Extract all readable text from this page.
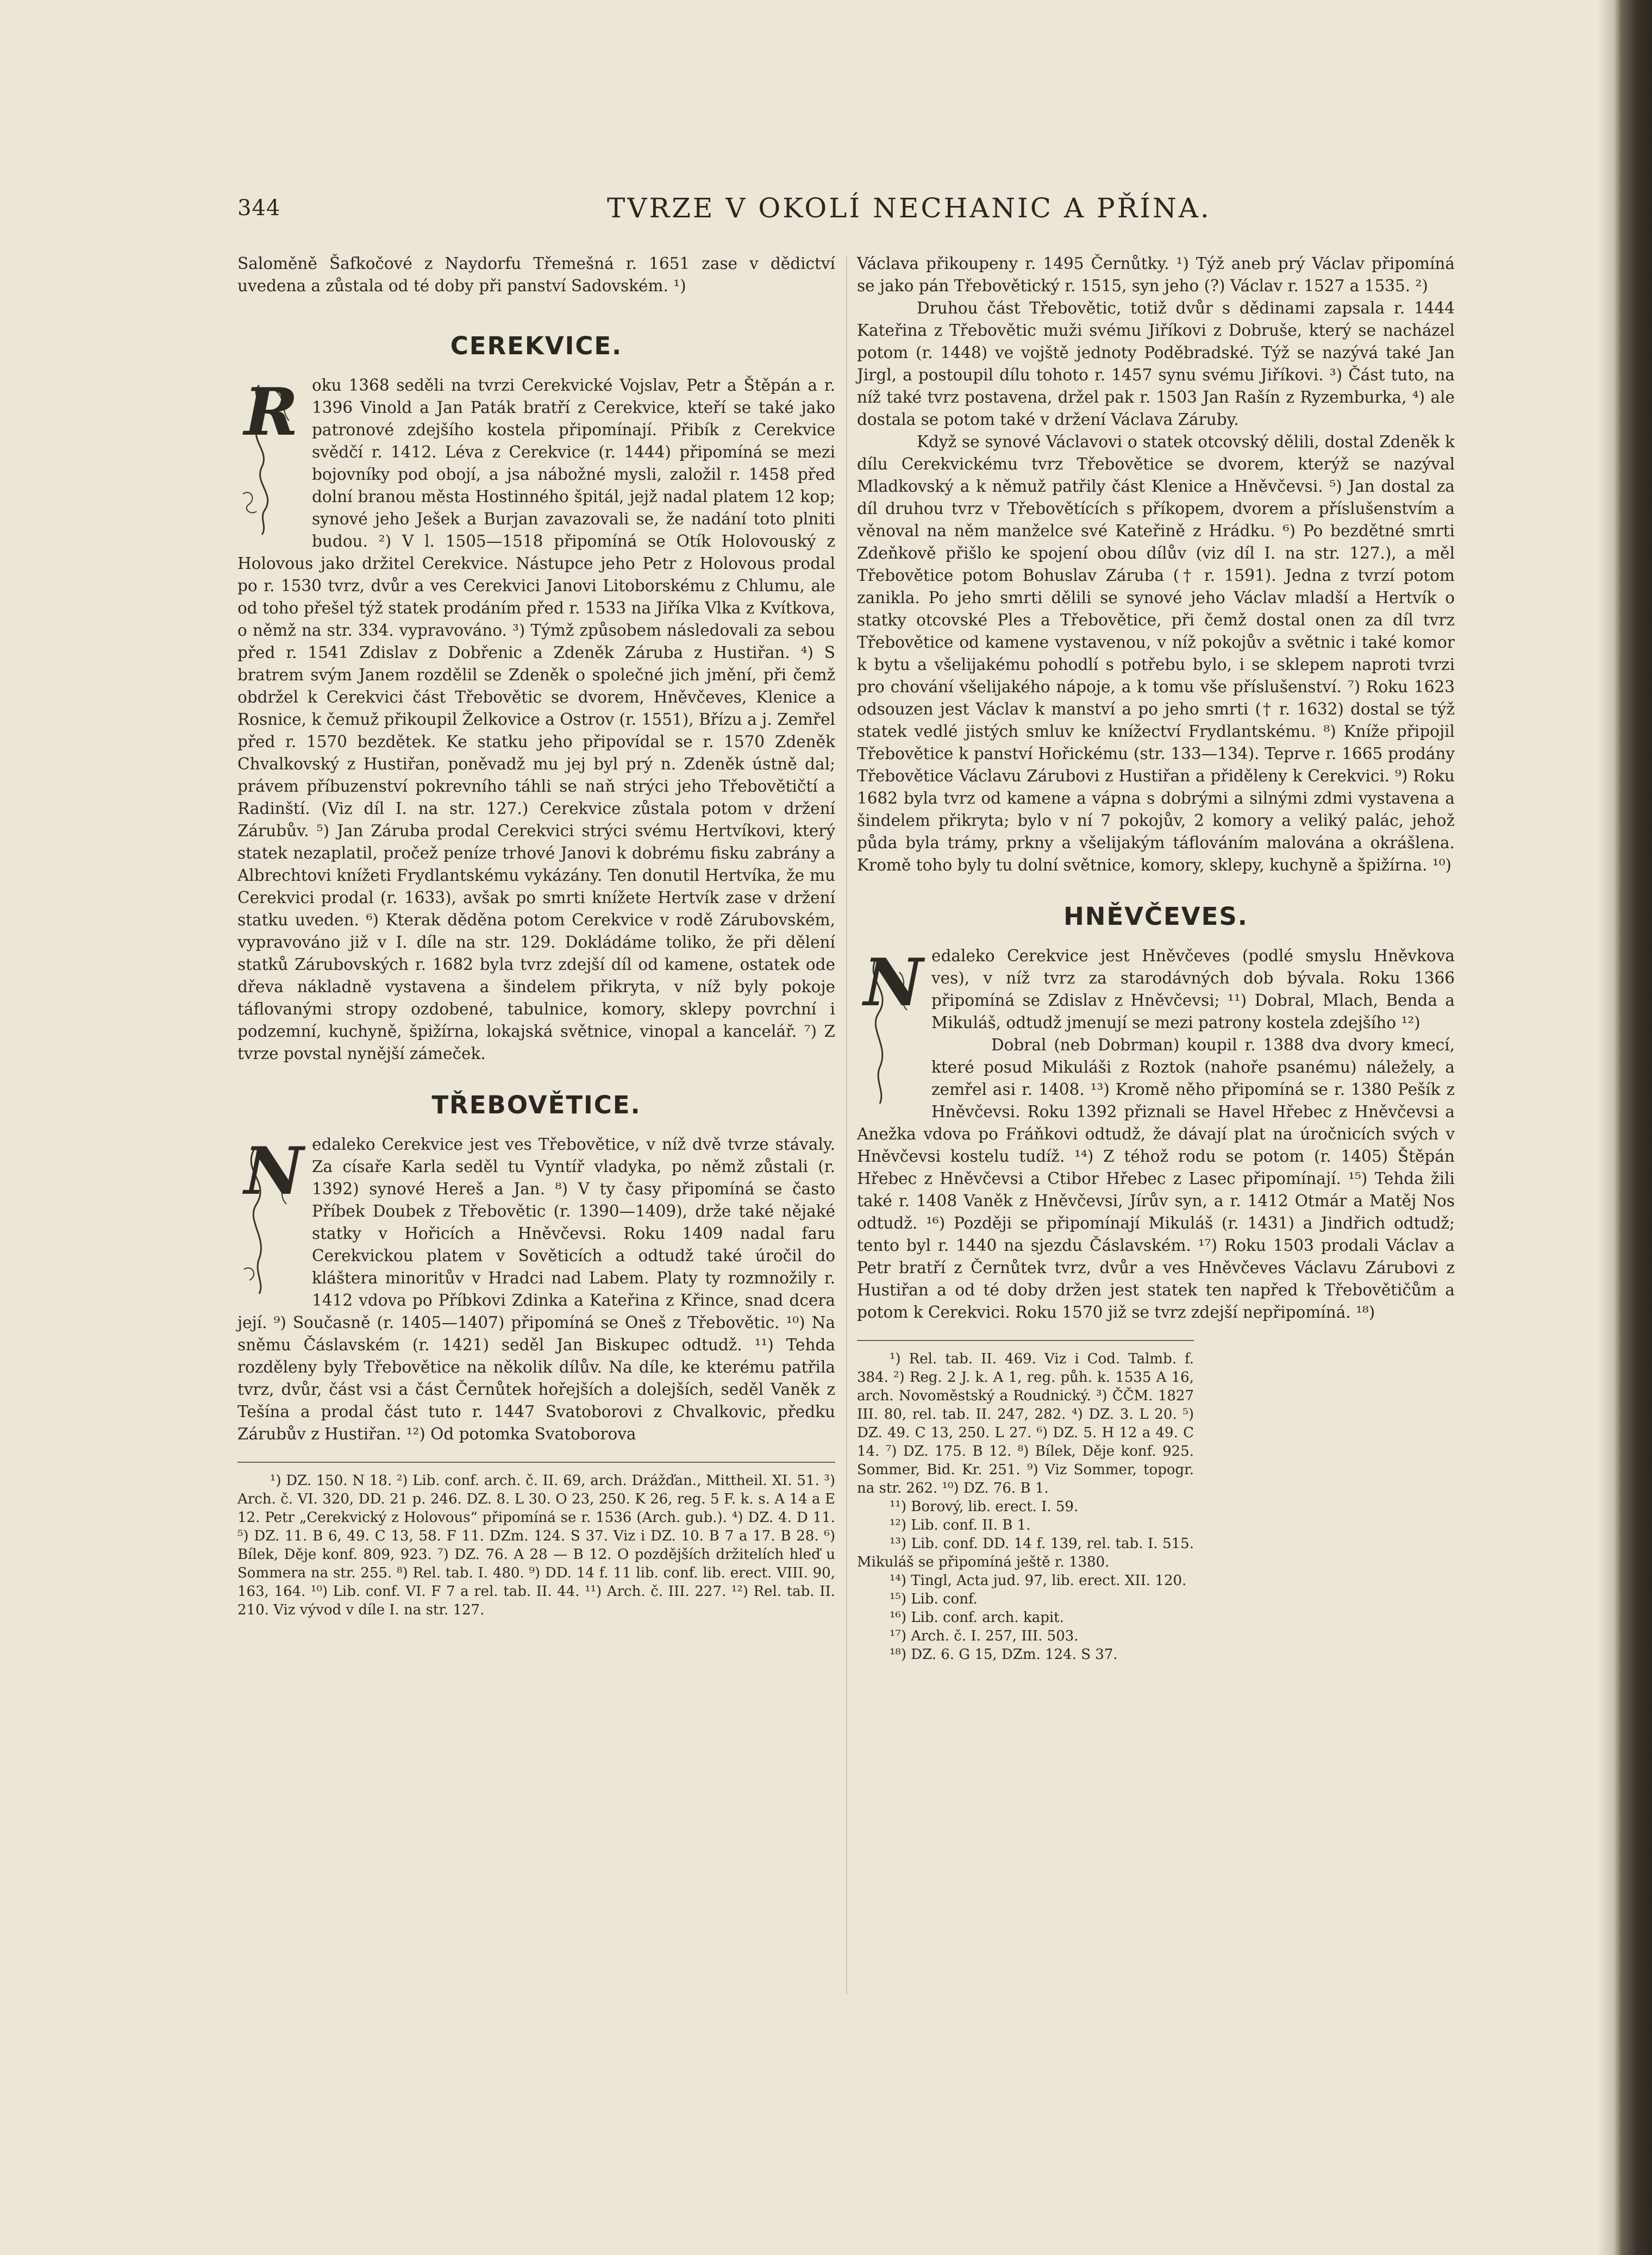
344	TVRZE V OKOLÍ NECHANIC A PŘÍNA.

Saloměně Šafkočové z Naydorfu Třemešná r. 1651 zase v dědictví uvedena a zůstala od té doby při panství Sadovském. ¹)

CEREKVICE.
R oku 1368 seděli na tvrzi Cerekvické Vojslav, Petr a Štěpán a r. 1396 Vinold a Jan Paták bratří z Cerekvice, kteří se také jako patronové zdejšího kostela připomínají. Přibík z Cerekvice svědčí r. 1412. Léva z Cerekvice (r. 1444) připomíná se mezi bojovníky pod obojí, a jsa nábožné mysli, založil r. 1458 před dolní branou města Hostinného špitál, jejž nadal platem 12 kop; synové jeho Ješek a Burjan zavazovali se, že nadání toto plniti budou. ²) V l. 1505—1518 připomíná se Otík Holovouský z Holovous jako držitel Cerekvice. Nástupce jeho Petr z Holovous prodal po r. 1530 tvrz, dvůr a ves Cerekvici Janovi Litoborskému z Chlumu, ale od toho přešel týž statek prodáním před r. 1533 na Jiříka Vlka z Kvítkova, o němž na str. 334. vypravováno. ³) Týmž způsobem následovali za sebou před r. 1541 Zdislav z Dobřenic a Zdeněk Záruba z Hustiřan. ⁴) S bratrem svým Janem rozdělil se Zdeněk o společné jich jmění, při čemž obdržel k Cerekvici část Třebovětic se dvorem, Hněvčeves, Klenice a Rosnice, k čemuž přikoupil Želkovice a Ostrov (r. 1551), Břízu a j. Zemřel před r. 1570 bezdětek. Ke statku jeho připovídal se r. 1570 Zdeněk Chvalkovský z Hustiřan, poněvadž mu jej byl prý n. Zdeněk ústně dal; právem příbuzenství pokrevního táhli se naň strýci jeho Třebovětičtí a Radinští. (Viz díl I. na str. 127.) Cerekvice zůstala potom v držení Zárubův. ⁵) Jan Záruba prodal Cerekvici strýci svému Hertvíkovi, který statek nezaplatil, pročež peníze trhové Janovi k dobrému fisku zabrány a Albrechtovi knížeti Frydlantskému vykázány. Ten donutil Hertvíka, že mu Cerekvici prodal (r. 1633), avšak po smrti knížete Hertvík zase v držení statku uveden. ⁶) Kterak děděna potom Cerekvice v rodě Zárubovském, vypravováno již v I. díle na str. 129. Dokládáme toliko, že při dělení statků Zárubovských r. 1682 byla tvrz zdejší díl od kamene, ostatek ode dřeva nákladně vystavena a šindelem přikryta, v níž byly pokoje táflovanými stropy ozdobené, tabulnice, komory, sklepy povrchní i podzemní, kuchyně, špižírna, lokajská světnice, vinopal a kancelář. ⁷) Z tvrze povstal nynější zámeček.

TŘEBOVĚTICE.
N edaleko Cerekvice jest ves Třebovětice, v níž dvě tvrze stávaly. Za císaře Karla seděl tu Vyntíř vladyka, po němž zůstali (r. 1392) synové Hereš a Jan. ⁸) V ty časy připomíná se často Příbek Doubek z Třebovětic (r. 1390—1409), drže také nějaké statky v Hořicích a Hněvčevsi. Roku 1409 nadal faru Cerekvickou platem v Sověticích a odtudž také úročil do kláštera minoritův v Hradci nad Labem. Platy ty rozmnožily r. 1412 vdova po Příbkovi Zdinka a Kateřina z Křince, snad dcera její. ⁹) Současně (r. 1405—1407) připomíná se Oneš z Třebovětic. ¹⁰) Na sněmu Čáslavském (r. 1421) seděl Jan Biskupec odtudž. ¹¹) Tehda rozděleny byly Třebovětice na několik dílův. Na díle, ke kterému patřila tvrz, dvůr, část vsi a část Černůtek hořejších a dolejších, seděl Vaněk z Tešína a prodal část tuto r. 1447 Svatoborovi z Chvalkovic, předku Zárubův z Hustiřan. ¹²) Od potomka Svatoborova

¹) DZ. 150. N 18. ²) Lib. conf. arch. č. II. 69, arch. Drážďan., Mittheil. XI. 51. ³) Arch. č. VI. 320, DD. 21 p. 246. DZ. 8. L 30. O 23, 250. K 26, reg. 5 F. k. s. A 14 a E 12. Petr „Cerekvický z Holovous“ připomíná se r. 1536 (Arch. gub.). ⁴) DZ. 4. D 11. ⁵) DZ. 11. B 6, 49. C 13, 58. F 11. DZm. 124. S 37. Viz i DZ. 10. B 7 a 17. B 28. ⁶) Bílek, Děje konf. 809, 923. ⁷) DZ. 76. A 28 — B 12. O pozdějších držitelích hleď u Sommera na str. 255. ⁸) Rel. tab. I. 480. ⁹) DD. 14 f. 11 lib. conf. lib. erect. VIII. 90, 163, 164. ¹⁰) Lib. conf. VI. F 7 a rel. tab. II. 44. ¹¹) Arch. č. III. 227. ¹²) Rel. tab. II. 210. Viz vývod v díle I. na str. 127.

Václava přikoupeny r. 1495 Černůtky. ¹) Týž aneb prý Václav připomíná se jako pán Třebovětický r. 1515, syn jeho (?) Václav r. 1527 a 1535. ²)

Druhou část Třebovětic, totiž dvůr s dědinami zapsala r. 1444 Kateřina z Třebovětic muži svému Jiříkovi z Dobruše, který se nacházel potom (r. 1448) ve vojště jednoty Poděbradské. Týž se nazývá také Jan Jirgl, a postoupil dílu tohoto r. 1457 synu svému Jiříkovi. ³) Část tuto, na níž také tvrz postavena, držel pak r. 1503 Jan Rašín z Ryzemburka, ⁴) ale dostala se potom také v držení Václava Záruby.

Když se synové Václavovi o statek otcovský dělili, dostal Zdeněk k dílu Cerekvickému tvrz Třebovětice se dvorem, kterýž se nazýval Mladkovský a k němuž patřily část Klenice a Hněvčevsi. ⁵) Jan dostal za díl druhou tvrz v Třebovětících s příkopem, dvorem a příslušenstvím a věnoval na něm manželce své Kateřině z Hrádku. ⁶) Po bezdětné smrti Zdeňkově přišlo ke spojení obou dílův (viz díl I. na str. 127.), a měl Třebovětice potom Bohuslav Záruba († r. 1591). Jedna z tvrzí potom zanikla. Po jeho smrti dělili se synové jeho Václav mladší a Hertvík o statky otcovské Ples a Třebovětice, při čemž dostal onen za díl tvrz Třebovětice od kamene vystavenou, v níž pokojův a světnic i také komor k bytu a všelijakému pohodlí s potřebu bylo, i se sklepem naproti tvrzi pro chování všelijakého nápoje, a k tomu vše příslušenství. ⁷) Roku 1623 odsouzen jest Václav k manství a po jeho smrti († r. 1632) dostal se týž statek vedlé jistých smluv ke knížectví Frydlantskému. ⁸) Kníže připojil Třebovětice k panství Hořickému (str. 133—134). Teprve r. 1665 prodány Třebovětice Václavu Zárubovi z Hustiřan a přiděleny k Cerekvici. ⁹) Roku 1682 byla tvrz od kamene a vápna s dobrými a silnými zdmi vystavena a šindelem přikryta; bylo v ní 7 pokojův, 2 komory a veliký palác, jehož půda byla trámy, prkny a všelijakým táflováním malována a okrášlena. Kromě toho byly tu dolní světnice, komory, sklepy, kuchyně a špižírna. ¹⁰)

HNĚVČEVES.
N edaleko Cerekvice jest Hněvčeves (podlé smyslu Hněvkova ves), v níž tvrz za starodávných dob bývala. Roku 1366 připomíná se Zdislav z Hněvčevsi; ¹¹) Dobral, Mlach, Benda a Mikuláš, odtudž jmenují se mezi patrony kostela zdejšího ¹²)

Dobral (neb Dobrman) koupil r. 1388 dva dvory kmecí, které posud Mikuláši z Roztok (nahoře psanému) náležely, a zemřel asi r. 1408. ¹³) Kromě něho připomíná se r. 1380 Pešík z Hněvčevsi. Roku 1392 přiznali se Havel Hřebec z Hněvčevsi a Anežka vdova po Fráňkovi odtudž, že dávají plat na úročnicích svých v Hněvčevsi kostelu tudíž. ¹⁴) Z téhož rodu se potom (r. 1405) Štěpán Hřebec z Hněvčevsi a Ctibor Hřebec z Lasec připomínají. ¹⁵) Tehda žili také r. 1408 Vaněk z Hněvčevsi, Jírův syn, a r. 1412 Otmár a Matěj Nos odtudž. ¹⁶) Později se připomínají Mikuláš (r. 1431) a Jindřich odtudž; tento byl r. 1440 na sjezdu Čáslavském. ¹⁷) Roku 1503 prodali Václav a Petr bratří z Černůtek tvrz, dvůr a ves Hněvčeves Václavu Zárubovi z Hustiřan a od té doby držen jest statek ten napřed k Třebovětičům a potom k Cerekvici. Roku 1570 již se tvrz zdejší nepřipomíná. ¹⁸)

¹) Rel. tab. II. 469. Viz i Cod. Talmb. f. 384. ²) Reg. 2 J. k. A 1, reg. půh. k. 1535 A 16, arch. Novoměstský a Roudnický. ³) ČČM. 1827 III. 80, rel. tab. II. 247, 282. ⁴) DZ. 3. L 20. ⁵) DZ. 49. C 13, 250. L 27. ⁶) DZ. 5. H 12 a 49. C 14. ⁷) DZ. 175. B 12. ⁸) Bílek, Děje konf. 925. Sommer, Bid. Kr. 251. ⁹) Viz Sommer, topogr. na str. 262. ¹⁰) DZ. 76. B 1.

¹¹) Borový, lib. erect. I. 59.

¹²) Lib. conf. II. B 1.

¹³) Lib. conf. DD. 14 f. 139, rel. tab. I. 515. Mikuláš se připomíná ještě r. 1380.

¹⁴) Tingl, Acta jud. 97, lib. erect. XII. 120.

¹⁵) Lib. conf.

¹⁶) Lib. conf. arch. kapit.

¹⁷) Arch. č. I. 257, III. 503.

¹⁸) DZ. 6. G 15, DZm. 124. S 37.
